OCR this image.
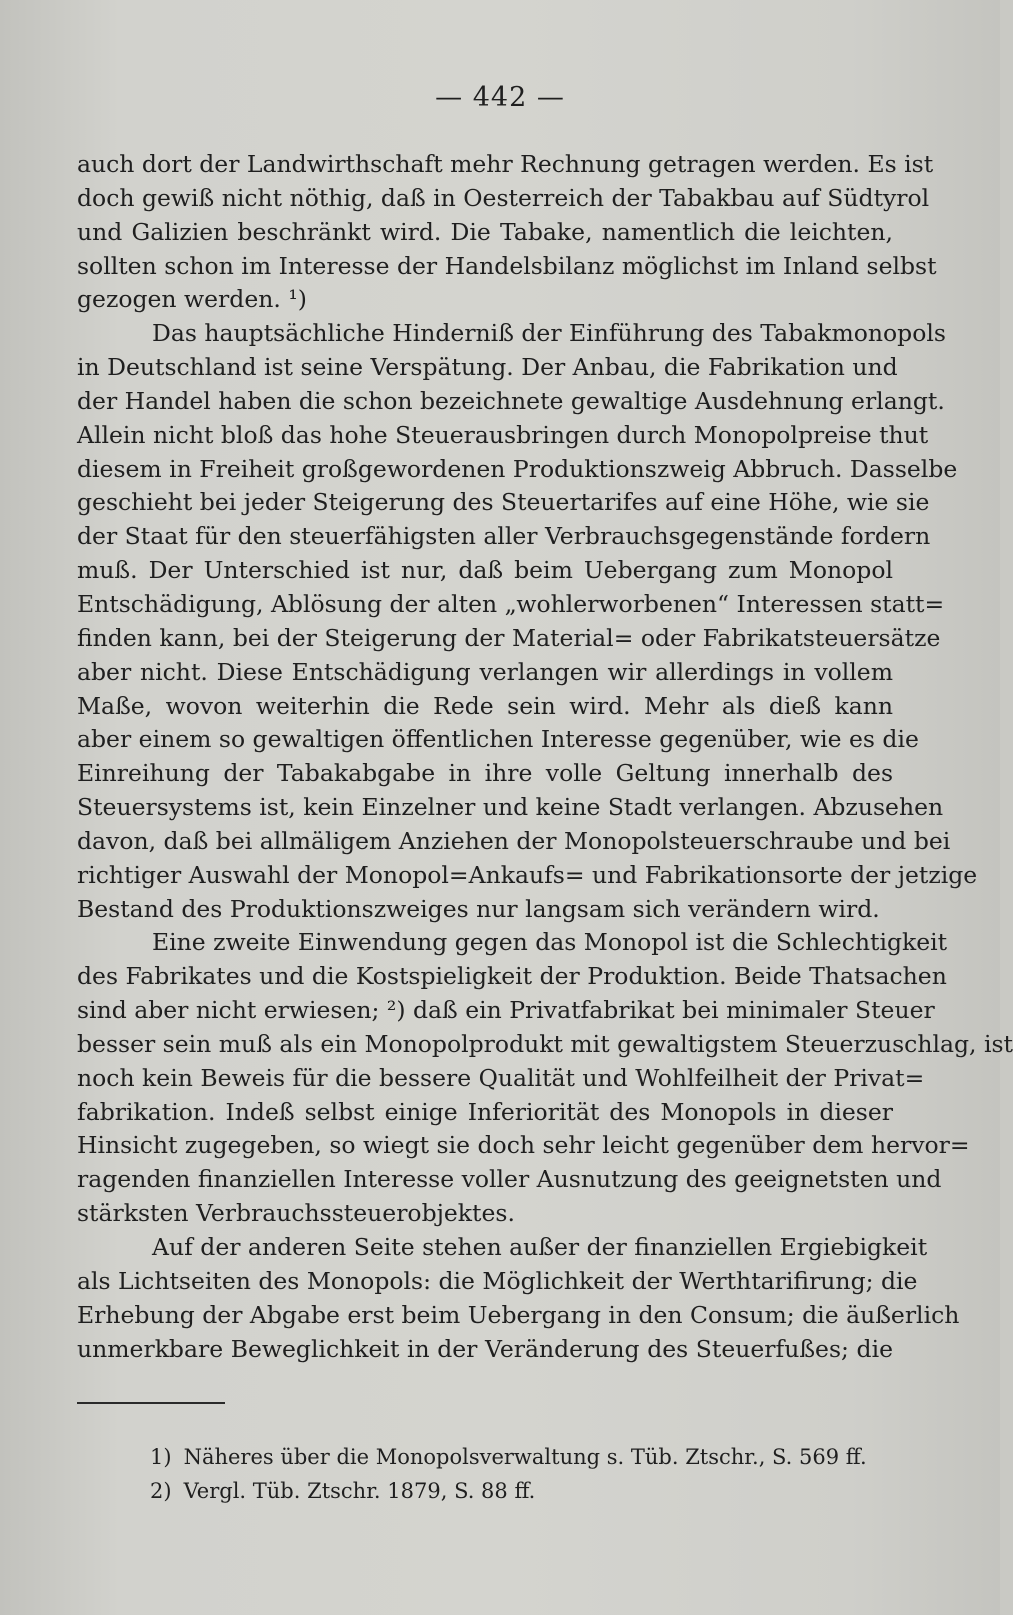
— 442 —
auch dort der Landwirthschaft mehr Rechnung getragen werden. Es ist
doch gewiß nicht nöthig, daß in Oesterreich der Tabakbau auf Südtyrol
und Galizien beschränkt wird. Die Tabake, namentlich die leichten,
sollten schon im Interesse der Handelsbilanz möglichst im Inland selbst
gezogen werden. ¹)
Das hauptsächliche Hinderniß der Einführung des Tabakmonopols
in Deutschland ist seine Verspätung. Der Anbau, die Fabrikation und
der Handel haben die schon bezeichnete gewaltige Ausdehnung erlangt.
Allein nicht bloß das hohe Steuerausbringen durch Monopolpreise thut
diesem in Freiheit großgewordenen Produktionszweig Abbruch. Dasselbe
geschieht bei jeder Steigerung des Steuertarifes auf eine Höhe, wie sie
der Staat für den steuerfähigsten aller Verbrauchsgegenstände fordern
muß. Der Unterschied ist nur, daß beim Uebergang zum Monopol
Entschädigung, Ablösung der alten „wohlerworbenen“ Interessen statt=
finden kann, bei der Steigerung der Material= oder Fabrikatsteuersätze
aber nicht. Diese Entschädigung verlangen wir allerdings in vollem
Maße, wovon weiterhin die Rede sein wird. Mehr als dieß kann
aber einem so gewaltigen öffentlichen Interesse gegenüber, wie es die
Einreihung der Tabakabgabe in ihre volle Geltung innerhalb des
Steuersystems ist, kein Einzelner und keine Stadt verlangen. Abzusehen
davon, daß bei allmäligem Anziehen der Monopolsteuerschraube und bei
richtiger Auswahl der Monopol=Ankaufs= und Fabrikationsorte der jetzige
Bestand des Produktionszweiges nur langsam sich verändern wird.
Eine zweite Einwendung gegen das Monopol ist die Schlechtigkeit
des Fabrikates und die Kostspieligkeit der Produktion. Beide Thatsachen
sind aber nicht erwiesen; ²) daß ein Privatfabrikat bei minimaler Steuer
besser sein muß als ein Monopolprodukt mit gewaltigstem Steuerzuschlag, ist
noch kein Beweis für die bessere Qualität und Wohlfeilheit der Privat=
fabrikation. Indeß selbst einige Inferiorität des Monopols in dieser
Hinsicht zugegeben, so wiegt sie doch sehr leicht gegenüber dem hervor=
ragenden finanziellen Interesse voller Ausnutzung des geeignetsten und
stärksten Verbrauchssteuerobjektes.
Auf der anderen Seite stehen außer der finanziellen Ergiebigkeit
als Lichtseiten des Monopols: die Möglichkeit der Werthtarifirung; die
Erhebung der Abgabe erst beim Uebergang in den Consum; die äußerlich
unmerkbare Beweglichkeit in der Veränderung des Steuerfußes; die
1) Näheres über die Monopolsverwaltung s. Tüb. Ztschr., S. 569 ff.
2) Vergl. Tüb. Ztschr. 1879, S. 88 ff.
